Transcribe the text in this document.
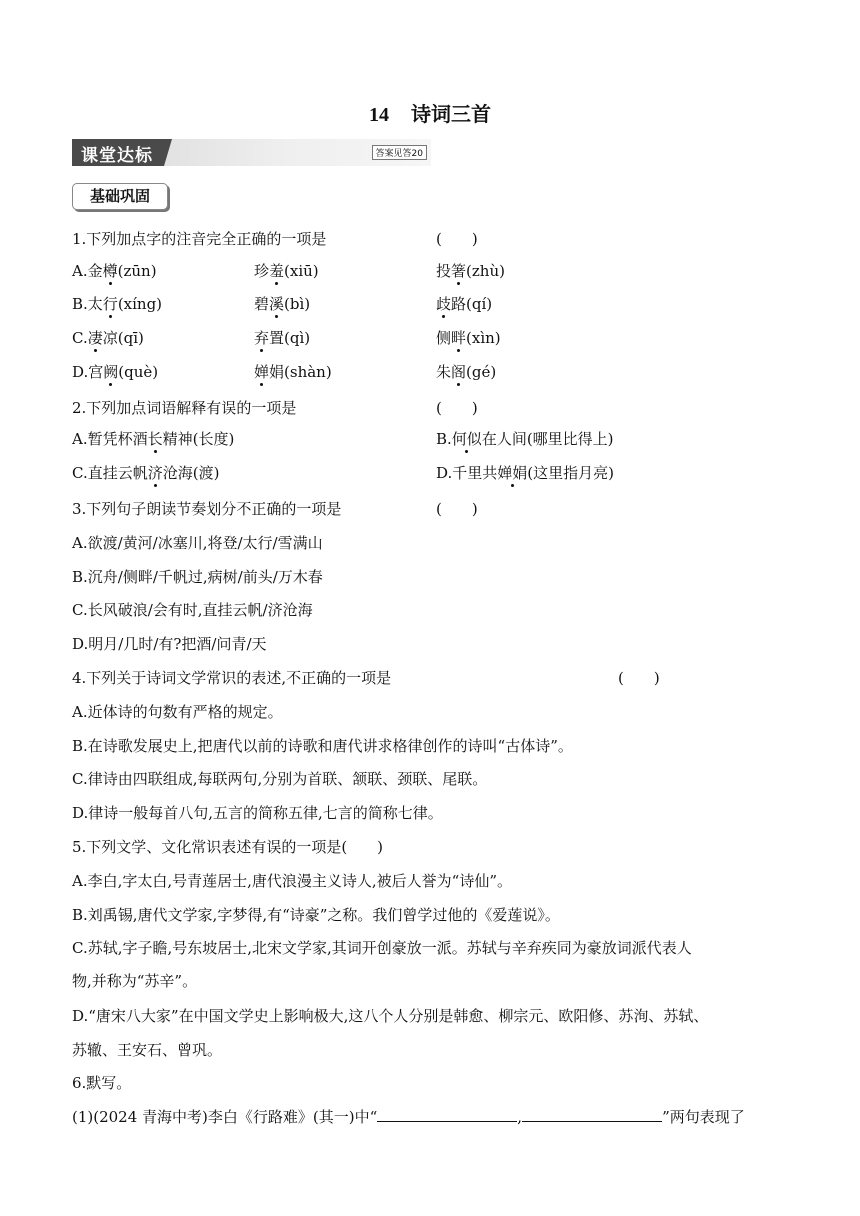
14 诗词三首
课堂达标	答案见答20
基础巩固
1.下列加点字的注音完全正确的一项是	(　　)
A.金樽(zūn)	珍羞(xiū)	投箸(zhù)
B.太行(xíng)	碧溪(bì)	歧路(qí)
C.凄凉(qī)	弃置(qì)	侧畔(xìn)
D.宫阙(què)	婵娟(shàn)	朱阁(gé)
2.下列加点词语解释有误的一项是	(　　)
A.暂凭杯酒长精神(长度)	B.何似在人间(哪里比得上)
C.直挂云帆济沧海(渡)	D.千里共婵娟(这里指月亮)
3.下列句子朗读节奏划分不正确的一项是	(　　)
A.欲渡/黄河/冰塞川,将登/太行/雪满山
B.沉舟/侧畔/千帆过,病树/前头/万木春
C.长风破浪/会有时,直挂云帆/济沧海
D.明月/几时/有?把酒/问青/天
4.下列关于诗词文学常识的表述,不正确的一项是	(　　)
A.近体诗的句数有严格的规定。
B.在诗歌发展史上,把唐代以前的诗歌和唐代讲求格律创作的诗叫“古体诗”。
C.律诗由四联组成,每联两句,分别为首联、颔联、颈联、尾联。
D.律诗一般每首八句,五言的简称五律,七言的简称七律。
5.下列文学、文化常识表述有误的一项是(　　)
A.李白,字太白,号青莲居士,唐代浪漫主义诗人,被后人誉为“诗仙”。
B.刘禹锡,唐代文学家,字梦得,有“诗豪”之称。我们曾学过他的《爱莲说》。
C.苏轼,字子瞻,号东坡居士,北宋文学家,其词开创豪放一派。苏轼与辛弃疾同为豪放词派代表人
物,并称为“苏辛”。
D.“唐宋八大家”在中国文学史上影响极大,这八个人分别是韩愈、柳宗元、欧阳修、苏洵、苏轼、
苏辙、王安石、曾巩。
6.默写。
(1)(2024 青海中考)李白《行路难》(其一)中“	,	”两句表现了
